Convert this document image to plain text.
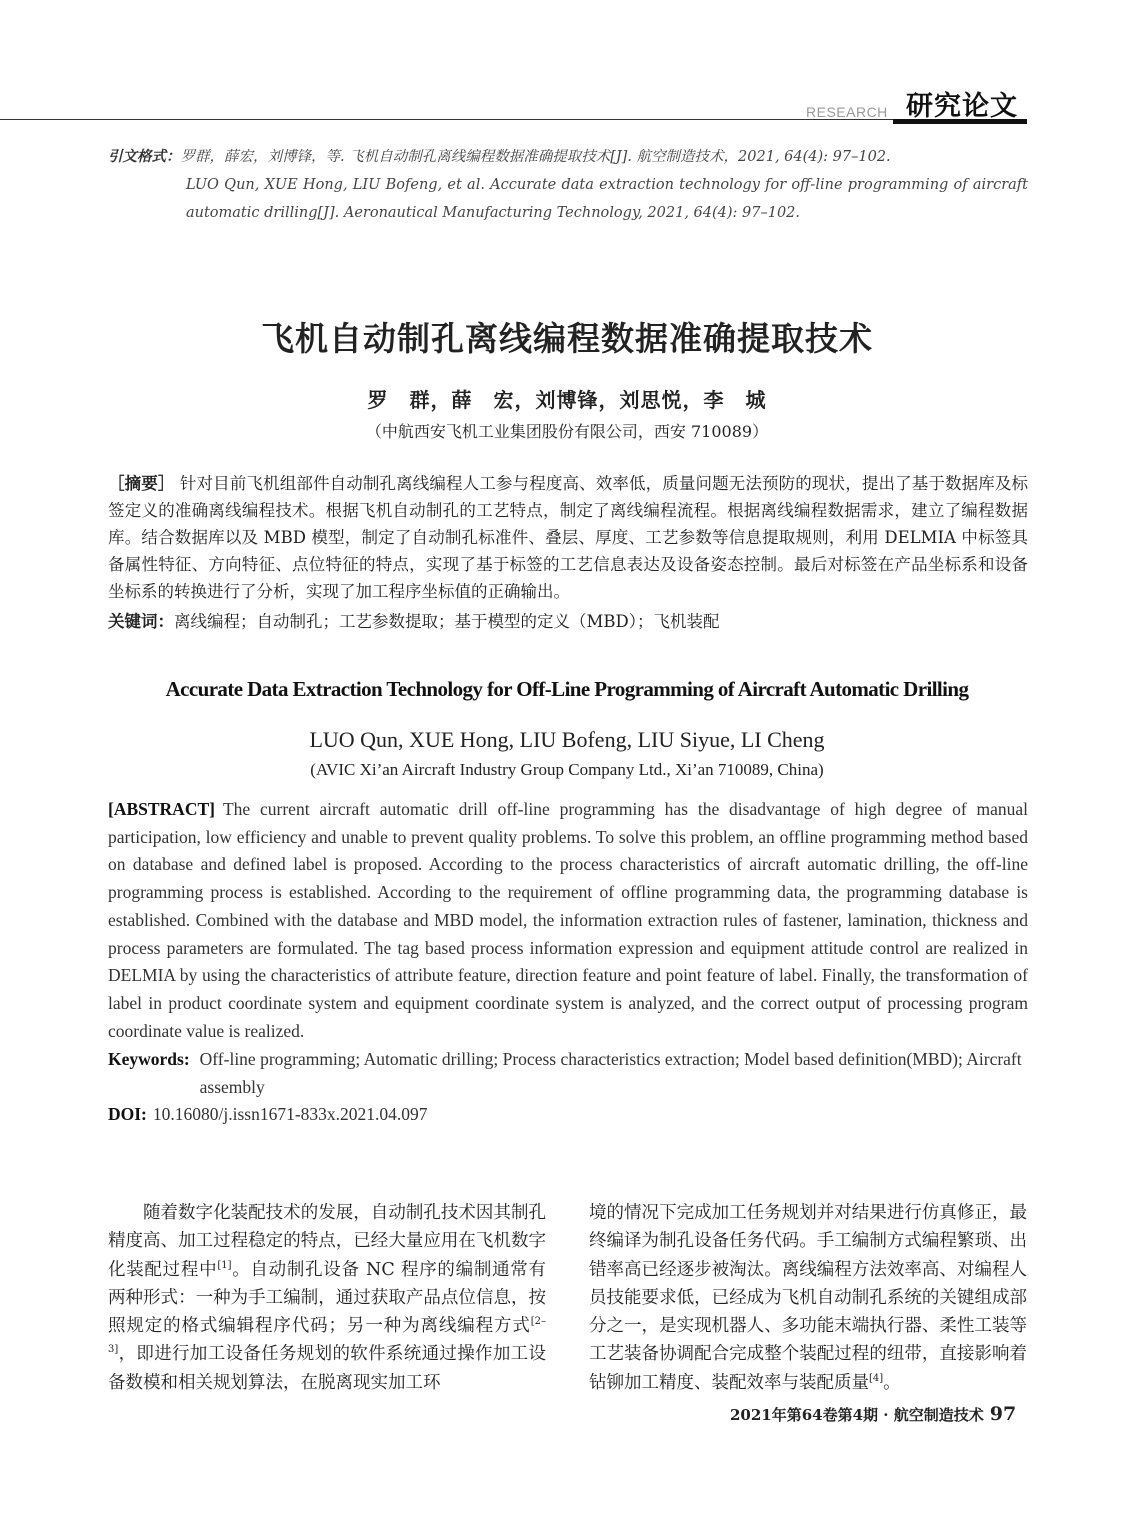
RESEARCH 研究论文
引文格式：罗群，薛宏，刘博锋，等. 飞机自动制孔离线编程数据准确提取技术[J]. 航空制造技术，2021, 64(4): 97–102.
LUO Qun, XUE Hong, LIU Bofeng, et al. Accurate data extraction technology for off-line programming of aircraft automatic drilling[J]. Aeronautical Manufacturing Technology, 2021, 64(4): 97–102.
飞机自动制孔离线编程数据准确提取技术
罗　群，薛　宏，刘博锋，刘思悦，李　城
（中航西安飞机工业集团股份有限公司，西安 710089）
［摘要］ 针对目前飞机组部件自动制孔离线编程人工参与程度高、效率低，质量问题无法预防的现状，提出了基于数据库及标签定义的准确离线编程技术。根据飞机自动制孔的工艺特点，制定了离线编程流程。根据离线编程数据需求，建立了编程数据库。结合数据库以及 MBD 模型，制定了自动制孔标准件、叠层、厚度、工艺参数等信息提取规则，利用 DELMIA 中标签具备属性特征、方向特征、点位特征的特点，实现了基于标签的工艺信息表达及设备姿态控制。最后对标签在产品坐标系和设备坐标系的转换进行了分析，实现了加工程序坐标值的正确输出。
关键词：离线编程；自动制孔；工艺参数提取；基于模型的定义（MBD）；飞机装配
Accurate Data Extraction Technology for Off-Line Programming of Aircraft Automatic Drilling
LUO Qun, XUE Hong, LIU Bofeng, LIU Siyue, LI Cheng
(AVIC Xi’an Aircraft Industry Group Company Ltd., Xi’an 710089, China)
[ABSTRACT] The current aircraft automatic drill off-line programming has the disadvantage of high degree of manual participation, low efficiency and unable to prevent quality problems. To solve this problem, an offline programming method based on database and defined label is proposed. According to the process characteristics of aircraft automatic drilling, the off-line programming process is established. According to the requirement of offline programming data, the programming database is established. Combined with the database and MBD model, the information extraction rules of fastener, lamination, thickness and process parameters are formulated. The tag based process information expression and equipment attitude control are realized in DELMIA by using the characteristics of attribute feature, direction feature and point feature of label. Finally, the transformation of label in product coordinate system and equipment coordinate system is analyzed, and the correct output of processing program coordinate value is realized.
Keywords: Off-line programming; Automatic drilling; Process characteristics extraction; Model based definition(MBD); Aircraft assembly
DOI: 10.16080/j.issn1671-833x.2021.04.097
随着数字化装配技术的发展，自动制孔技术因其制孔精度高、加工过程稳定的特点，已经大量应用在飞机数字化装配过程中[1]。自动制孔设备 NC 程序的编制通常有两种形式：一种为手工编制，通过获取产品点位信息，按照规定的格式编辑程序代码；另一种为离线编程方式[2–3]，即进行加工设备任务规划的软件系统通过操作加工设备数模和相关规划算法，在脱离现实加工环
境的情况下完成加工任务规划并对结果进行仿真修正，最终编译为制孔设备任务代码。手工编制方式编程繁琐、出错率高已经逐步被淘汰。离线编程方法效率高、对编程人员技能要求低，已经成为飞机自动制孔系统的关键组成部分之一，是实现机器人、多功能末端执行器、柔性工装等工艺装备协调配合完成整个装配过程的纽带，直接影响着钻铆加工精度、装配效率与装配质量[4]。
2021年第64卷第4期 · 航空制造技术 97
